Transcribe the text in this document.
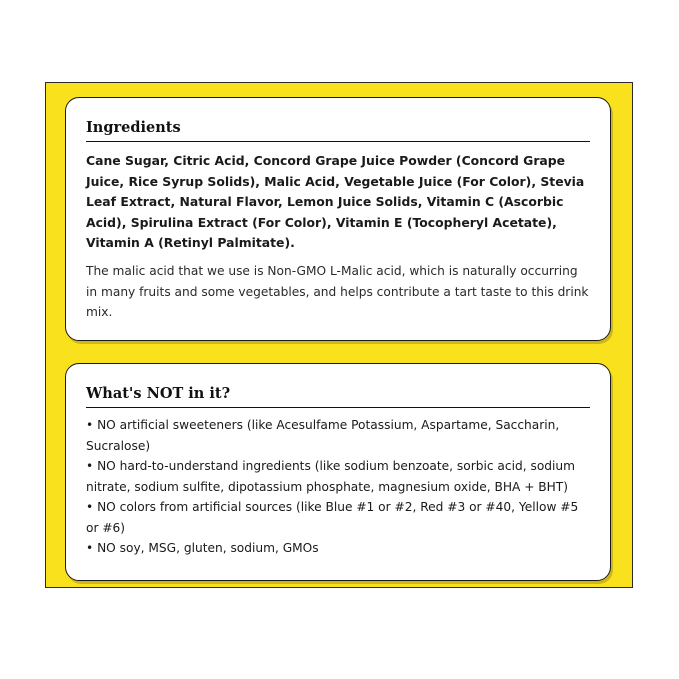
Ingredients

Cane Sugar, Citric Acid, Concord Grape Juice Powder (Concord Grape Juice, Rice Syrup Solids), Malic Acid, Vegetable Juice (For Color), Stevia Leaf Extract, Natural Flavor, Lemon Juice Solids, Vitamin C (Ascorbic Acid), Spirulina Extract (For Color), Vitamin E (Tocopheryl Acetate), Vitamin A (Retinyl Palmitate).

The malic acid that we use is Non-GMO L-Malic acid, which is naturally occurring in many fruits and some vegetables, and helps contribute a tart taste to this drink mix.

What's NOT in it?
• NO artificial sweeteners (like Acesulfame Potassium, Aspartame, Saccharin, Sucralose)
• NO hard-to-understand ingredients (like sodium benzoate, sorbic acid, sodium nitrate, sodium sulfite, dipotassium phosphate, magnesium oxide, BHA + BHT)
• NO colors from artificial sources (like Blue #1 or #2, Red #3 or #40, Yellow #5 or #6)
• NO soy, MSG, gluten, sodium, GMOs
